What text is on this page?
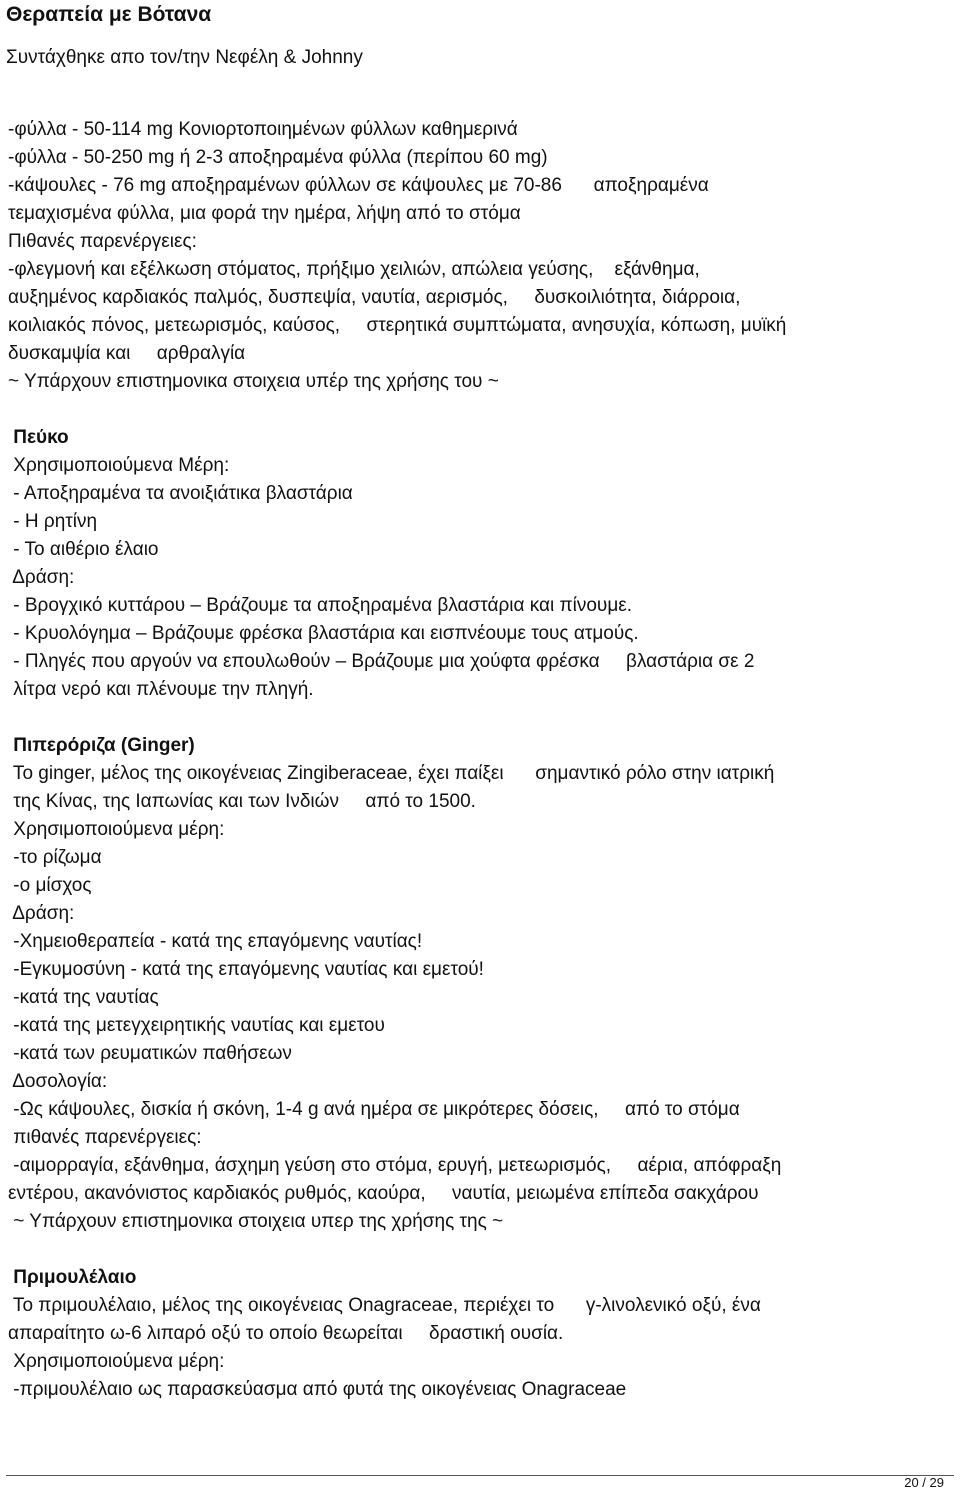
Θεραπεία με Βότανα
Συντάχθηκε απο τον/την Νεφέλη & Johnny
-φύλλα - 50-114 mg Κονιορτοποιημένων φύλλων καθημερινά
-φύλλα - 50-250 mg ή 2-3 αποξηραμένα φύλλα (περίπου 60 mg)
-κάψουλες - 76 mg αποξηραμένων φύλλων σε κάψουλες με 70-86      αποξηραμένα
τεμαχισμένα φύλλα, μια φορά την ημέρα, λήψη από το στόμα
Πιθανές παρενέργειες:
-φλεγμονή και εξέλκωση στόματος, πρήξιμο χειλιών, απώλεια γεύσης,    εξάνθημα,
αυξημένος καρδιακός παλμός, δυσπεψία, ναυτία, αερισμός,     δυσκοιλιότητα, διάρροια,
κοιλιακός πόνος, μετεωρισμός, καύσος,     στερητικά συμπτώματα, ανησυχία, κόπωση, μυϊκή
δυσκαμψία και     αρθραλγία
~ Υπάρχουν επιστημονικα στοιχεια υπέρ της χρήσης του ~
Πεύκο
Χρησιμοποιούμενα Μέρη:
- Αποξηραμένα τα ανοιξιάτικα βλαστάρια
- Η ρητίνη
- Το αιθέριο έλαιο
Δράση:
- Βρογχικό κυττάρου – Βράζουμε τα αποξηραμένα βλαστάρια και πίνουμε.
- Κρυολόγημα – Βράζουμε φρέσκα βλαστάρια και εισπνέουμε τους ατμούς.
- Πληγές που αργούν να επουλωθούν – Βράζουμε μια χούφτα φρέσκα     βλαστάρια σε 2
λίτρα νερό και πλένουμε την πληγή.
Πιπερόριζα (Ginger)
Το ginger, μέλος της οικογένειας Zingiberaceae, έχει παίξει      σημαντικό ρόλο στην ιατρική
της Κίνας, της Ιαπωνίας και των Ινδιών     από το 1500.
Χρησιμοποιούμενα μέρη:
-το ρίζωμα
-ο μίσχος
Δράση:
-Χημειοθεραπεία - κατά της επαγόμενης ναυτίας!
-Εγκυμοσύνη - κατά της επαγόμενης ναυτίας και εμετού!
-κατά της ναυτίας
-κατά της μετεγχειρητικής ναυτίας και εμετου
-κατά των ρευματικών παθήσεων
Δοσολογία:
-Ως κάψουλες, δισκία ή σκόνη, 1-4 g ανά ημέρα σε μικρότερες δόσεις,     από το στόμα
πιθανές παρενέργειες:
-αιμορραγία, εξάνθημα, άσχημη γεύση στο στόμα, ερυγή, μετεωρισμός,     αέρια, απόφραξη
εντέρου, ακανόνιστος καρδιακός ρυθμός, καούρα,     ναυτία, μειωμένα επίπεδα σακχάρου
~ Υπάρχουν επιστημονικα στοιχεια υπερ της χρήσης της ~
Πριμουλέλαιο
Το πριμουλέλαιο, μέλος της οικογένειας Onagraceae, περιέχει το      γ-λινολενικό οξύ, ένα
απαραίτητο ω-6 λιπαρό οξύ το οποίο θεωρείται     δραστική ουσία.
Χρησιμοποιούμενα μέρη:
-πριμουλέλαιο ως παρασκεύασμα από φυτά της οικογένειας Onagraceae
20 / 29
